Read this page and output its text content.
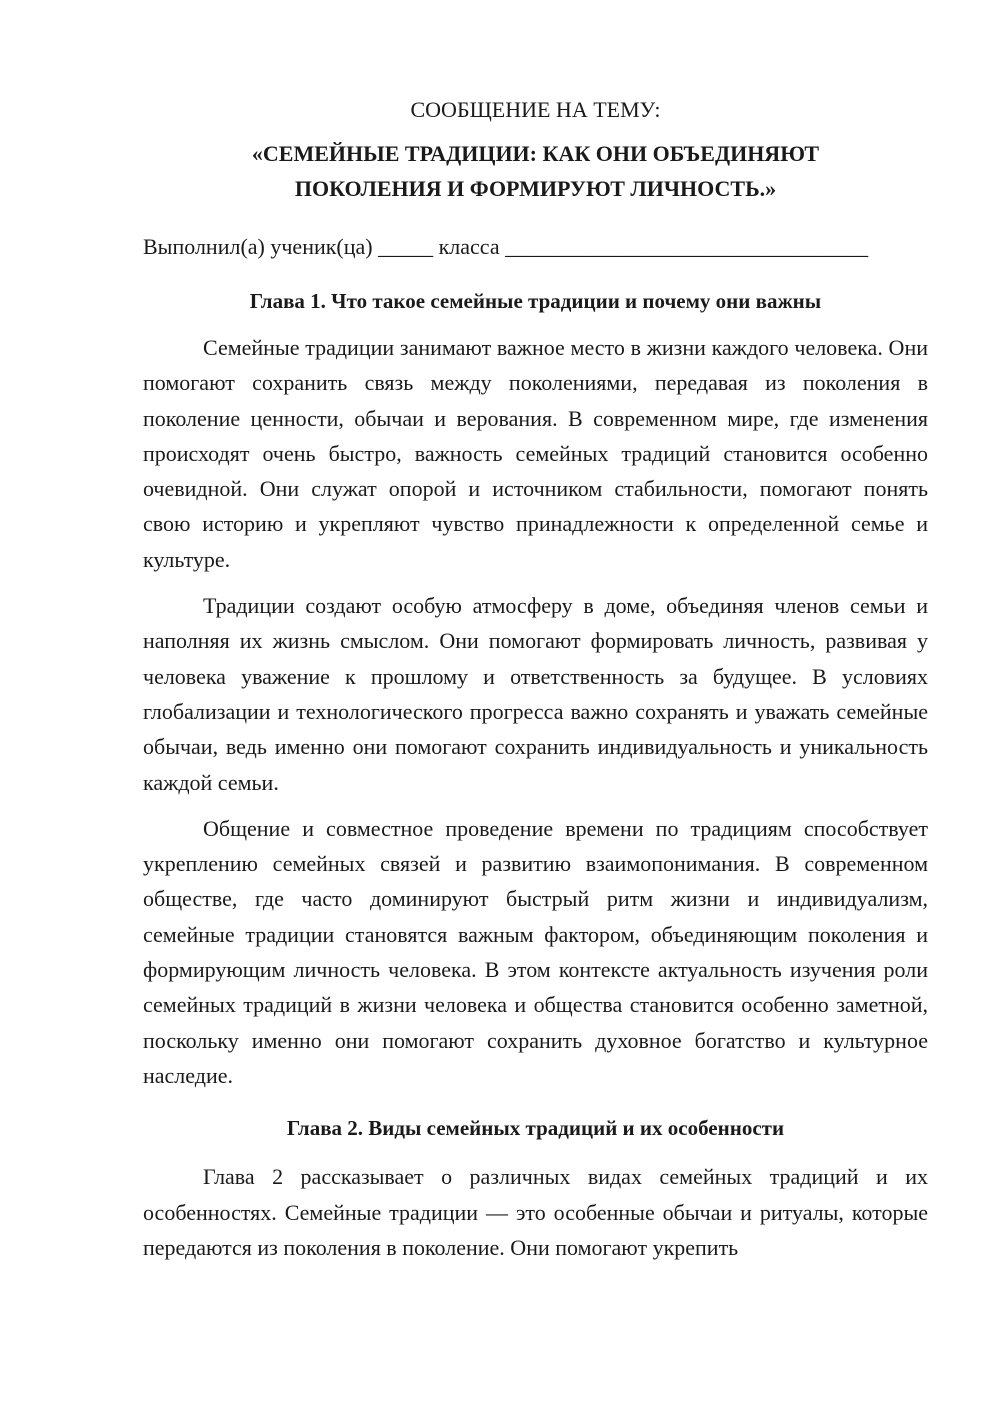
СООБЩЕНИЕ НА ТЕМУ:

«СЕМЕЙНЫЕ ТРАДИЦИИ: КАК ОНИ ОБЪЕДИНЯЮТ
ПОКОЛЕНИЯ И ФОРМИРУЮТ ЛИЧНОСТЬ.»

Выполнил(а) ученик(ца) _____ класса _________________________________

Глава 1. Что такое семейные традиции и почему они важны

Семейные традиции занимают важное место в жизни каждого человека. Они помогают сохранить связь между поколениями, передавая из поколения в поколение ценности, обычаи и верования. В современном мире, где изменения происходят очень быстро, важность семейных традиций становится особенно очевидной. Они служат опорой и источником стабильности, помогают понять свою историю и укрепляют чувство принадлежности к определенной семье и культуре.

Традиции создают особую атмосферу в доме, объединяя членов семьи и наполняя их жизнь смыслом. Они помогают формировать личность, развивая у человека уважение к прошлому и ответственность за будущее. В условиях глобализации и технологического прогресса важно сохранять и уважать семейные обычаи, ведь именно они помогают сохранить индивидуальность и уникальность каждой семьи.

Общение и совместное проведение времени по традициям способствует укреплению семейных связей и развитию взаимопонимания. В современном обществе, где часто доминируют быстрый ритм жизни и индивидуализм, семейные традиции становятся важным фактором, объединяющим поколения и формирующим личность человека. В этом контексте актуальность изучения роли семейных традиций в жизни человека и общества становится особенно заметной, поскольку именно они помогают сохранить духовное богатство и культурное наследие.

Глава 2. Виды семейных традиций и их особенности

Глава 2 рассказывает о различных видах семейных традиций и их особенностях. Семейные традиции — это особенные обычаи и ритуалы, которые передаются из поколения в поколение. Они помогают укрепить
